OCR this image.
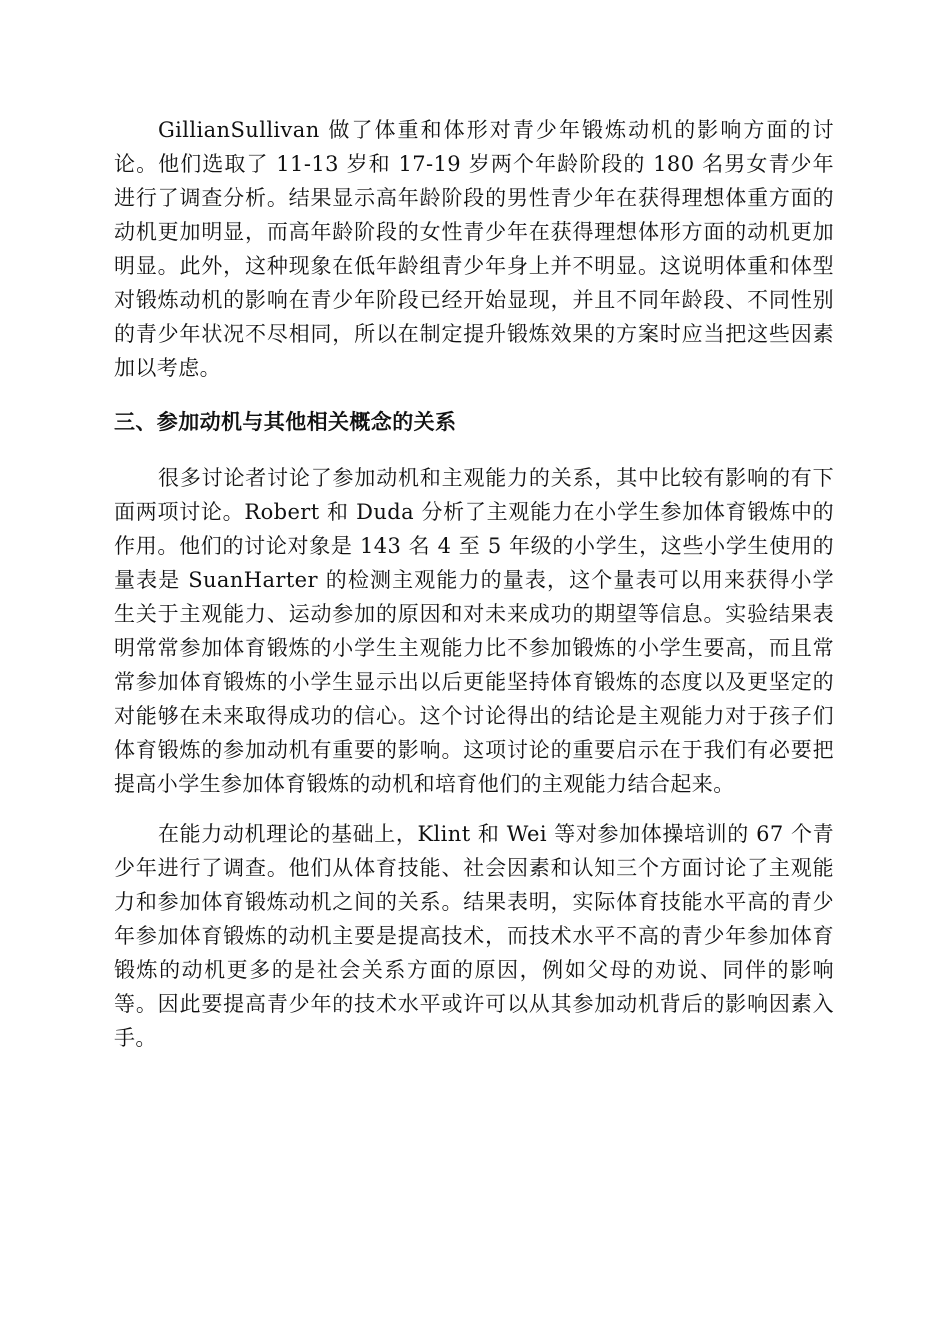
GillianSullivan 做了体重和体形对青少年锻炼动机的影响方面的讨论。他们选取了 11-13 岁和 17-19 岁两个年龄阶段的 180 名男女青少年进行了调查分析。结果显示高年龄阶段的男性青少年在获得理想体重方面的动机更加明显，而高年龄阶段的女性青少年在获得理想体形方面的动机更加明显。此外，这种现象在低年龄组青少年身上并不明显。这说明体重和体型对锻炼动机的影响在青少年阶段已经开始显现，并且不同年龄段、不同性别的青少年状况不尽相同，所以在制定提升锻炼效果的方案时应当把这些因素加以考虑。

三、参加动机与其他相关概念的关系

很多讨论者讨论了参加动机和主观能力的关系，其中比较有影响的有下面两项讨论。Robert 和 Duda 分析了主观能力在小学生参加体育锻炼中的作用。他们的讨论对象是 143 名 4 至 5 年级的小学生，这些小学生使用的量表是 SuanHarter 的检测主观能力的量表，这个量表可以用来获得小学生关于主观能力、运动参加的原因和对未来成功的期望等信息。实验结果表明常常参加体育锻炼的小学生主观能力比不参加锻炼的小学生要高，而且常常参加体育锻炼的小学生显示出以后更能坚持体育锻炼的态度以及更坚定的对能够在未来取得成功的信心。这个讨论得出的结论是主观能力对于孩子们体育锻炼的参加动机有重要的影响。这项讨论的重要启示在于我们有必要把提高小学生参加体育锻炼的动机和培育他们的主观能力结合起来。

在能力动机理论的基础上，Klint 和 Wei 等对参加体操培训的 67 个青少年进行了调查。他们从体育技能、社会因素和认知三个方面讨论了主观能力和参加体育锻炼动机之间的关系。结果表明，实际体育技能水平高的青少年参加体育锻炼的动机主要是提高技术，而技术水平不高的青少年参加体育锻炼的动机更多的是社会关系方面的原因，例如父母的劝说、同伴的影响等。因此要提高青少年的技术水平或许可以从其参加动机背后的影响因素入手。
